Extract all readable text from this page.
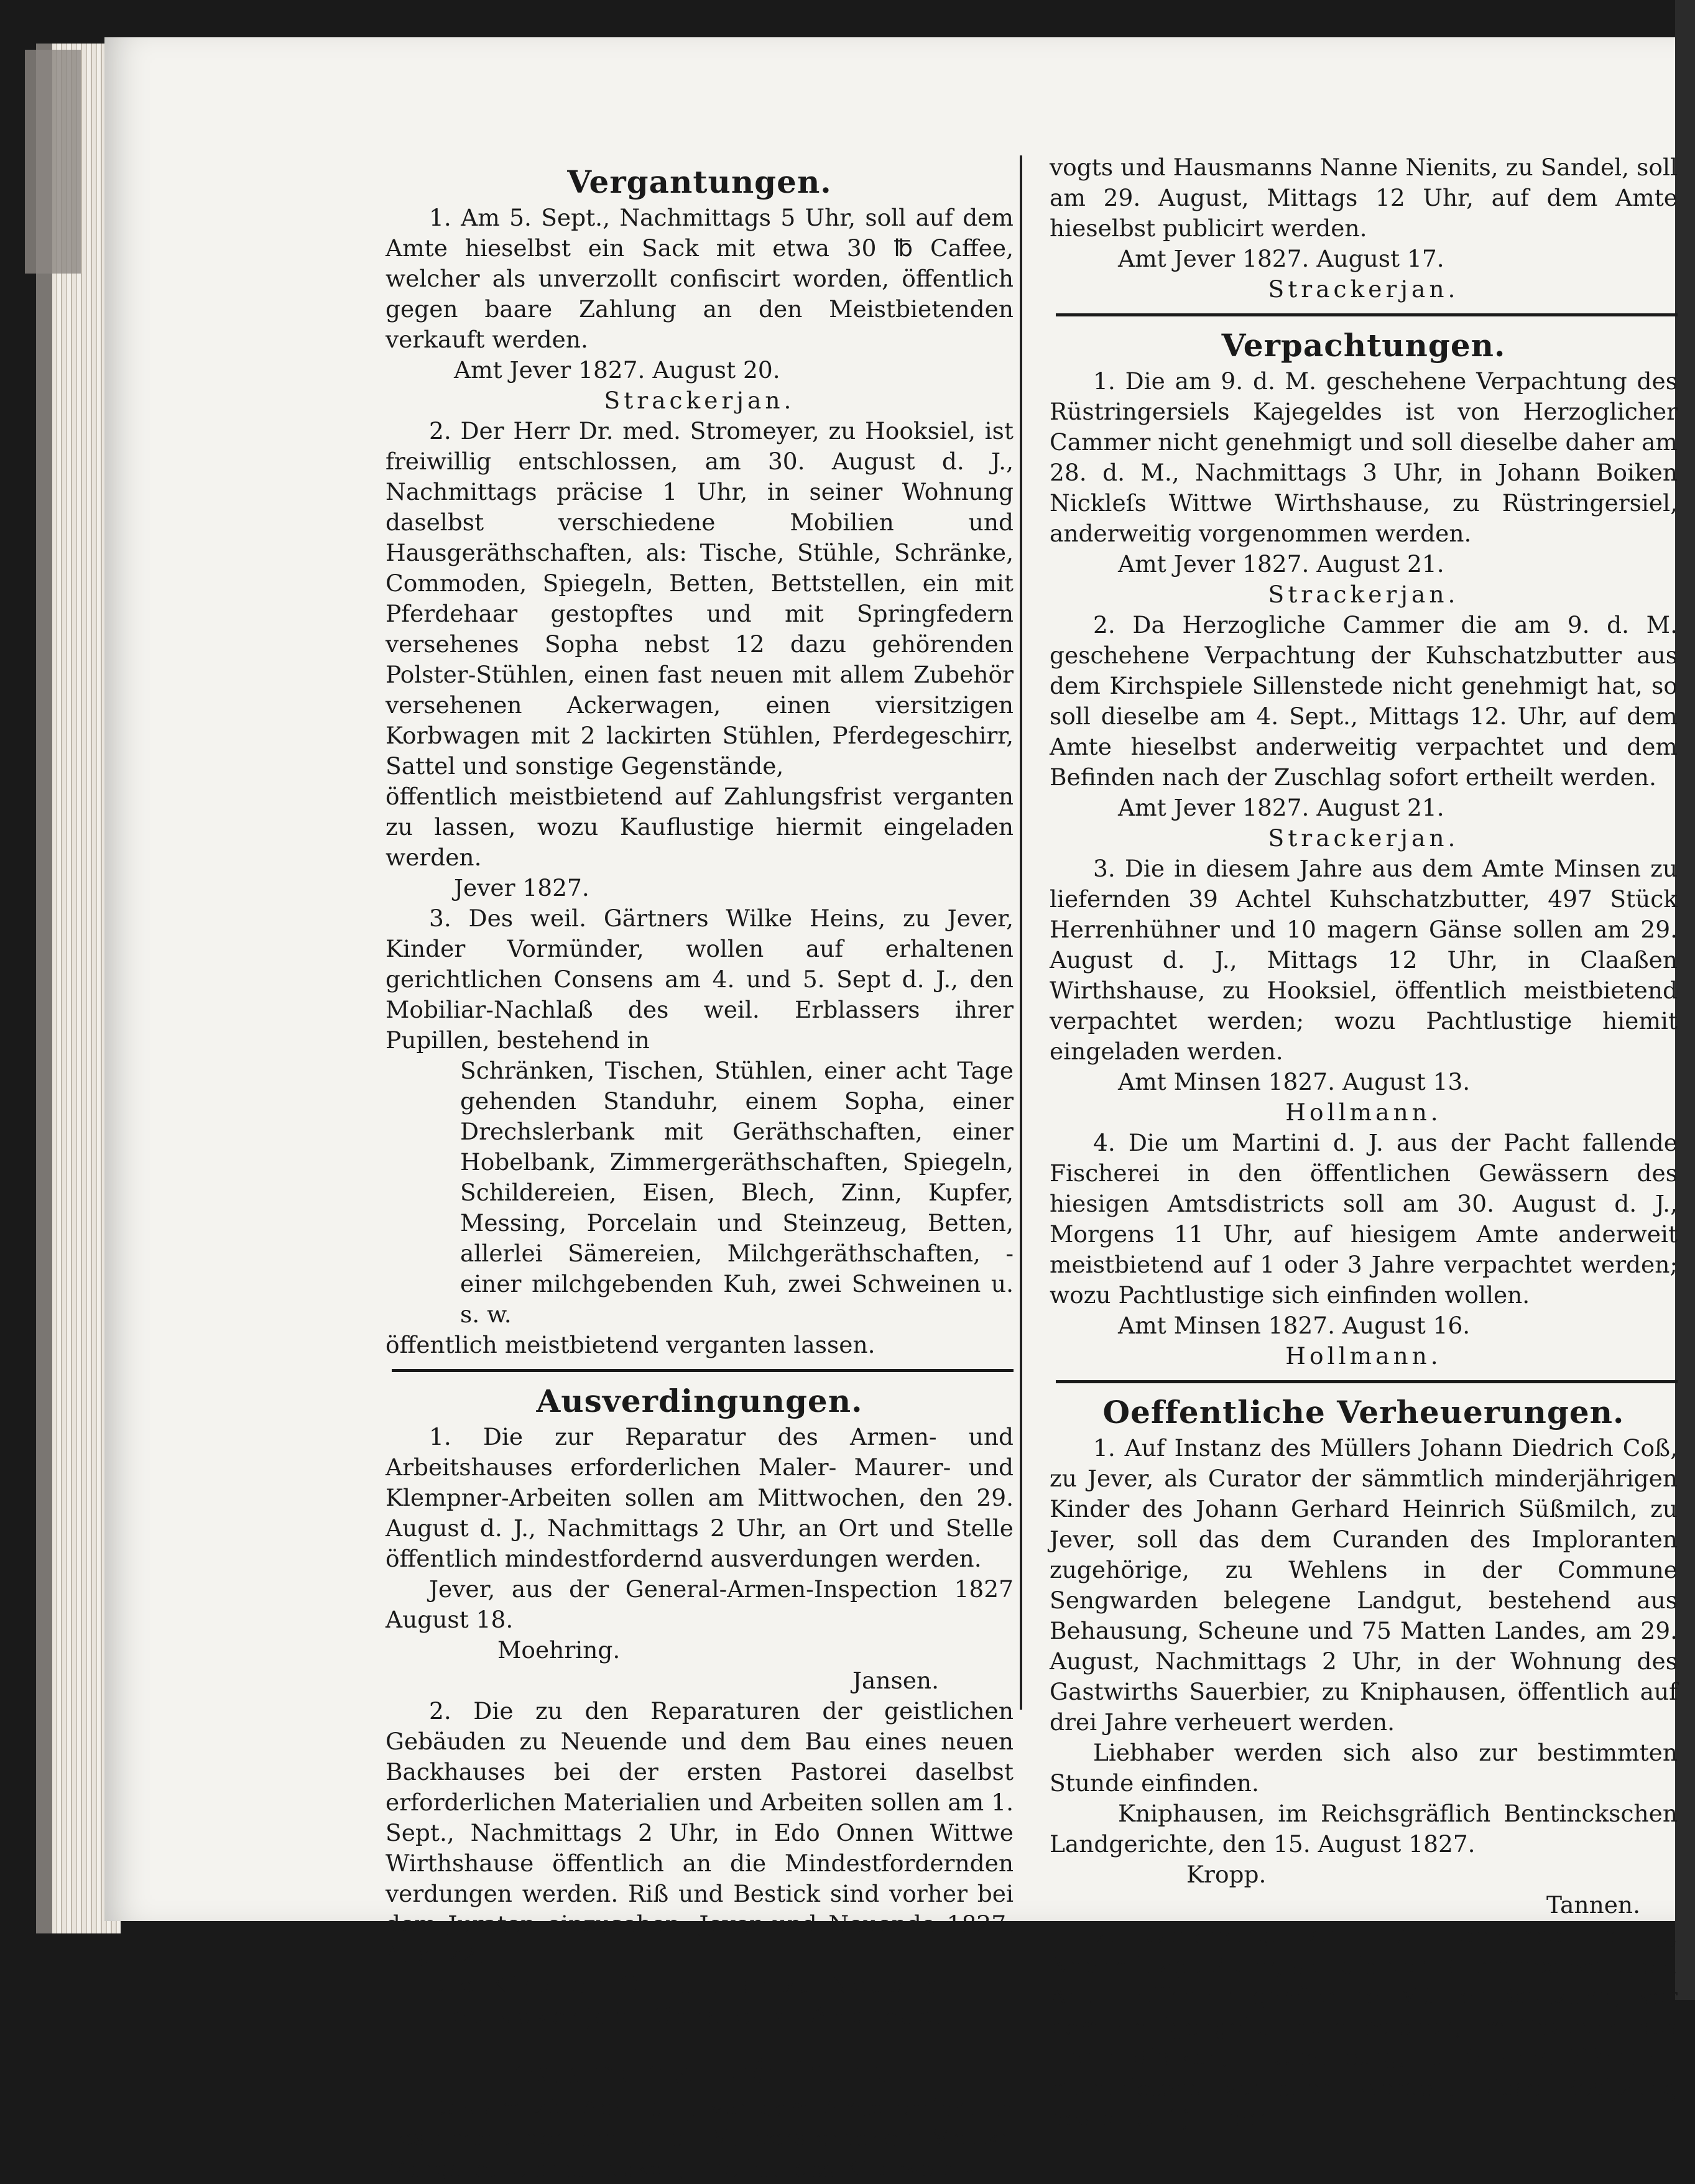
Vergantungen.

1. Am 5. Sept., Nachmittags 5 Uhr, soll auf dem Amte hieselbst ein Sack mit etwa 30 ℔ Caffee, welcher als unverzollt confiscirt worden, öffentlich gegen baare Zahlung an den Meistbietenden verkauft werden.

Amt Jever 1827. August 20.

Strackerjan.

2. Der Herr Dr. med. Stromeyer, zu Hooksiel, ist freiwillig entschlossen, am 30. August d. J., Nachmittags präcise 1 Uhr, in seiner Wohnung daselbst verschiedene Mobilien und Hausgeräthschaften, als: Tische, Stühle, Schränke, Commoden, Spiegeln, Betten, Bettstellen, ein mit Pferdehaar gestopftes und mit Springfedern versehenes Sopha nebst 12 dazu gehörenden Polster-Stühlen, einen fast neuen mit allem Zubehör versehenen Ackerwagen, einen viersitzigen Korbwagen mit 2 lackirten Stühlen, Pferdegeschirr, Sattel und sonstige Gegenstände,

öffentlich meistbietend auf Zahlungsfrist verganten zu lassen, wozu Kauflustige hiermit eingeladen werden.

Jever 1827.

3. Des weil. Gärtners Wilke Heins, zu Jever, Kinder Vormünder, wollen auf erhaltenen gerichtlichen Consens am 4. und 5. Sept d. J., den Mobiliar-Nachlaß des weil. Erblassers ihrer Pupillen, bestehend in

Schränken, Tischen, Stühlen, einer acht Tage gehenden Standuhr, einem Sopha, einer Drechslerbank mit Geräthschaften, einer Hobelbank, Zimmergeräthschaften, Spiegeln, Schildereien, Eisen, Blech, Zinn, Kupfer, Messing, Porcelain und Steinzeug, Betten, allerlei Sämereien, Milchgeräthschaften, - einer milchgebenden Kuh, zwei Schweinen u. s. w.

öffentlich meistbietend verganten lassen.

Ausverdingungen.

1. Die zur Reparatur des Armen- und Arbeitshauses erforderlichen Maler- Maurer- und Klempner-Arbeiten sollen am Mittwochen, den 29. August d. J., Nachmittags 2 Uhr, an Ort und Stelle öffentlich mindestfordernd ausverdungen werden.

Jever, aus der General-Armen-Inspection 1827 August 18.

Moehring.

Jansen.

2. Die zu den Reparaturen der geistlichen Gebäuden zu Neuende und dem Bau eines neuen Backhauses bei der ersten Pastorei daselbst erforderlichen Materialien und Arbeiten sollen am 1. Sept., Nachmittags 2 Uhr, in Edo Onnen Wittwe Wirthshause öffentlich an die Mindestfordernden verdungen werden. Riß und Bestick sind vorher bei dem Juraten einzusehen. Jever und Neuende 1827. Aug. 22.

Die Kirchen-Officialen zu Neuende.

Strackerjan. Carstens. Andreae.

Testaments-Eröffnung.

Das am 23. April d. J. vor dem Amte errichtete Testament der am 5. d. M. verstorbenen Mettke Margarethe geb. Tapken, Ehefrau des Kirchspiels-

vogts und Hausmanns Nanne Nienits, zu Sandel, soll am 29. August, Mittags 12 Uhr, auf dem Amte hieselbst publicirt werden.

Amt Jever 1827. August 17.

Strackerjan.

Verpachtungen.

1. Die am 9. d. M. geschehene Verpachtung des Rüstringersiels Kajegeldes ist von Herzoglicher Cammer nicht genehmigt und soll dieselbe daher am 28. d. M., Nachmittags 3 Uhr, in Johann Boiken Nickleſs Wittwe Wirthshause, zu Rüstringersiel, anderweitig vorgenommen werden.

Amt Jever 1827. August 21.

Strackerjan.

2. Da Herzogliche Cammer die am 9. d. M. geschehene Verpachtung der Kuhschatzbutter aus dem Kirchspiele Sillenstede nicht genehmigt hat, so soll dieselbe am 4. Sept., Mittags 12. Uhr, auf dem Amte hieselbst anderweitig verpachtet und dem Befinden nach der Zuschlag sofort ertheilt werden.

Amt Jever 1827. August 21.

Strackerjan.

3. Die in diesem Jahre aus dem Amte Minsen zu liefernden 39 Achtel Kuhschatzbutter, 497 Stück Herrenhühner und 10 magern Gänse sollen am 29. August d. J., Mittags 12 Uhr, in Claaßen Wirthshause, zu Hooksiel, öffentlich meistbietend verpachtet werden; wozu Pachtlustige hiemit eingeladen werden.

Amt Minsen 1827. August 13.

Hollmann.

4. Die um Martini d. J. aus der Pacht fallende Fischerei in den öffentlichen Gewässern des hiesigen Amtsdistricts soll am 30. August d. J., Morgens 11 Uhr, auf hiesigem Amte anderweit meistbietend auf 1 oder 3 Jahre verpachtet werden; wozu Pachtlustige sich einfinden wollen.

Amt Minsen 1827. August 16.

Hollmann.

Oeffentliche Verheuerungen.

1. Auf Instanz des Müllers Johann Diedrich Coß, zu Jever, als Curator der sämmtlich minderjährigen Kinder des Johann Gerhard Heinrich Süßmilch, zu Jever, soll das dem Curanden des Imploranten zugehörige, zu Wehlens in der Commune Sengwarden belegene Landgut, bestehend aus Behausung, Scheune und 75 Matten Landes, am 29. August, Nachmittags 2 Uhr, in der Wohnung des Gastwirths Sauerbier, zu Kniphausen, öffentlich auf drei Jahre verheuert werden.

Liebhaber werden sich also zur bestimmten Stunde einfinden.

Kniphausen, im Reichsgräflich Bentinckschen Landgerichte, den 15. August 1827.

Kropp.

Tannen.

2. Oldenburg. Am 17. September d. J., Nachmittags 3 Uhr, soll die den Erben des weil. Joh. Ant. Hoffmann gehörende Mühlen-Besitzung, vor dem Heiligengeist-Thore belegen, im Gasthofe des Herrn Siefken, in Oldenburg, auf 6 Jahre öffentlich meistbietend verheuert werden. Diese Besitzung bestehet: 1) in der
